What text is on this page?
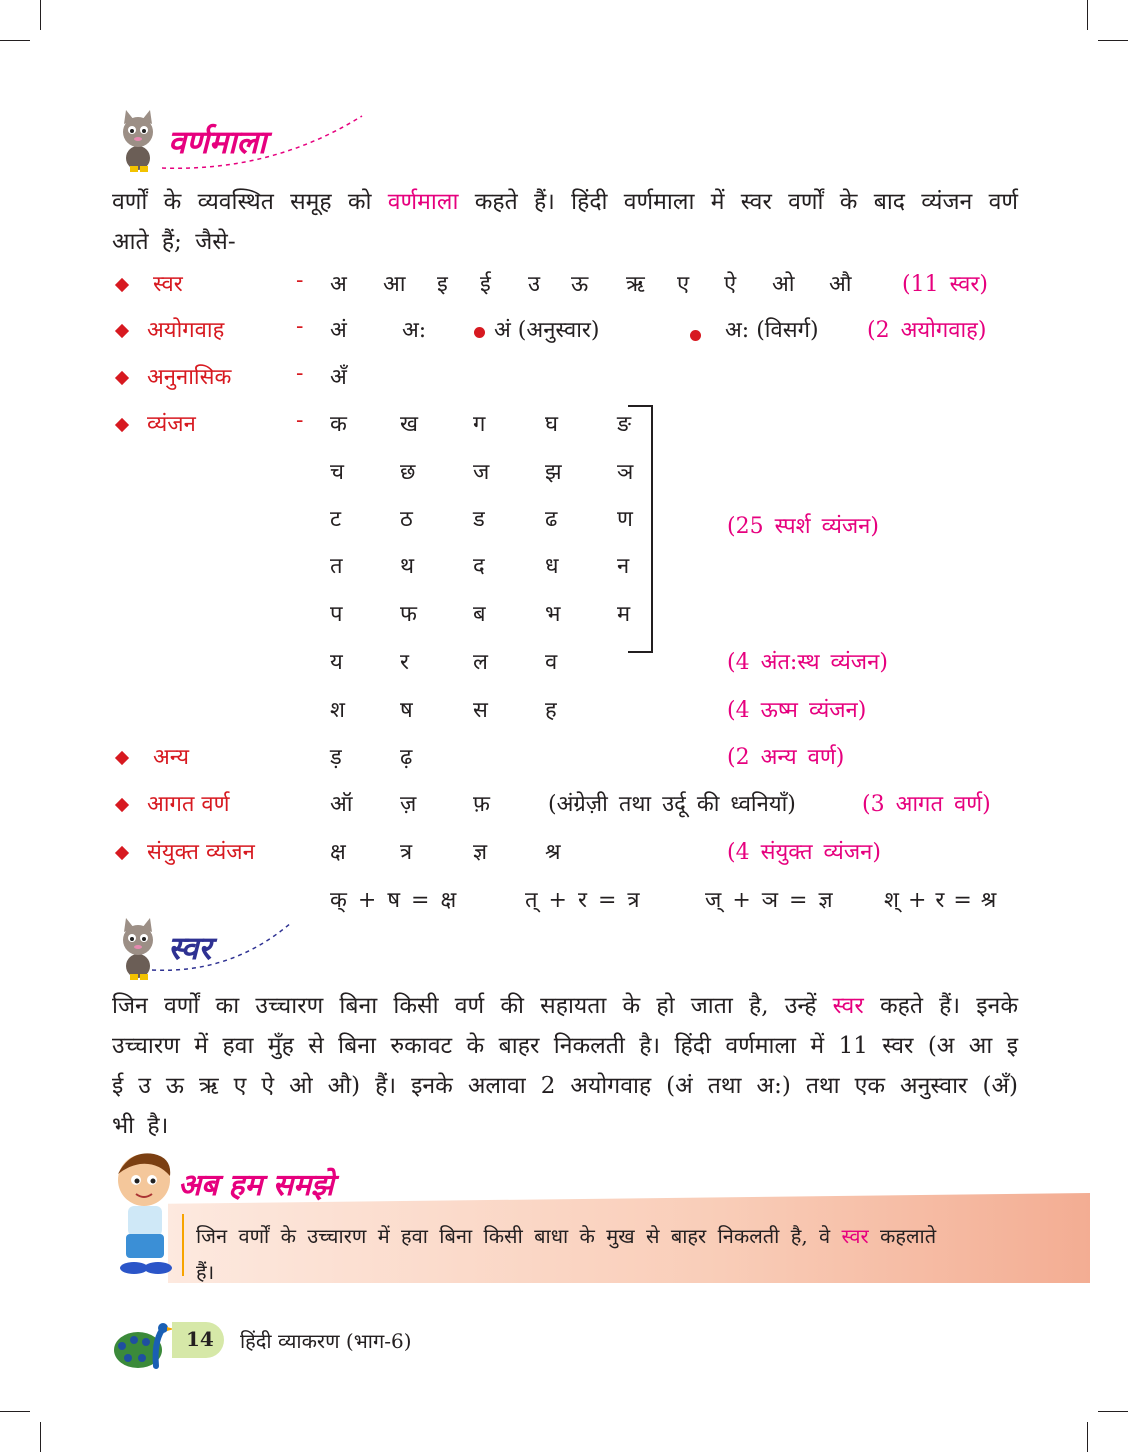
वर्णमाला
वर्णों के व्यवस्थित समूह को वर्णमाला कहते हैं। हिंदी वर्णमाला में स्वर वर्णों के बाद व्यंजन वर्ण आते हैं; जैसे-
स्वर	- अ आ इ ई उ ऊ ऋ ए ऐ ओ औ (11 स्वर)
अयोगवाह	- अं	अ:	अं (अनुस्वार)	अ: (विसर्ग) (2 अयोगवाह)
अनुनासिक	- अँ
व्यंजन	- क ख	ग	घ	ङ
च	छ	ज	झ	ञ
ट	ठ	ड	ढ	ण
त	थ	द	ध	न
प	फ	ब	भ	म
(25 स्पर्श व्यंजन)
य	र	ल	व	(4 अंत:स्थ व्यंजन)
श	ष	स	ह	(4 ऊष्म व्यंजन)
अन्य	ड़	ढ़	(2 अन्य वर्ण)
आगत वर्ण	ऑ ज़	फ़	(अंग्रेज़ी तथा उर्दू की ध्वनियाँ)	(3 आगत वर्ण)
संयुक्त व्यंजन	क्ष त्र	ज्ञ	श्र	(4 संयुक्त व्यंजन)
क् + ष = क्ष	त् + र = त्र	ज् + ञ = ज्ञ श् + र = श्र
स्वर
जिन वर्णों का उच्चारण बिना किसी वर्ण की सहायता के हो जाता है, उन्हें स्वर कहते हैं। इनके उच्चारण में हवा मुँह से बिना रुकावट के बाहर निकलती है। हिंदी वर्णमाला में 11 स्वर (अ आ इ ई उ ऊ ऋ ए ऐ ओ औ) हैं। इनके अलावा 2 अयोगवाह (अं तथा अ:) तथा एक अनुस्वार (अँ) भी है।
अब हम समझे
जिन वर्णों के उच्चारण में हवा बिना किसी बाधा के मुख से बाहर निकलती है, वे स्वर कहलाते हैं।
14 हिंदी व्याकरण (भाग-6)
